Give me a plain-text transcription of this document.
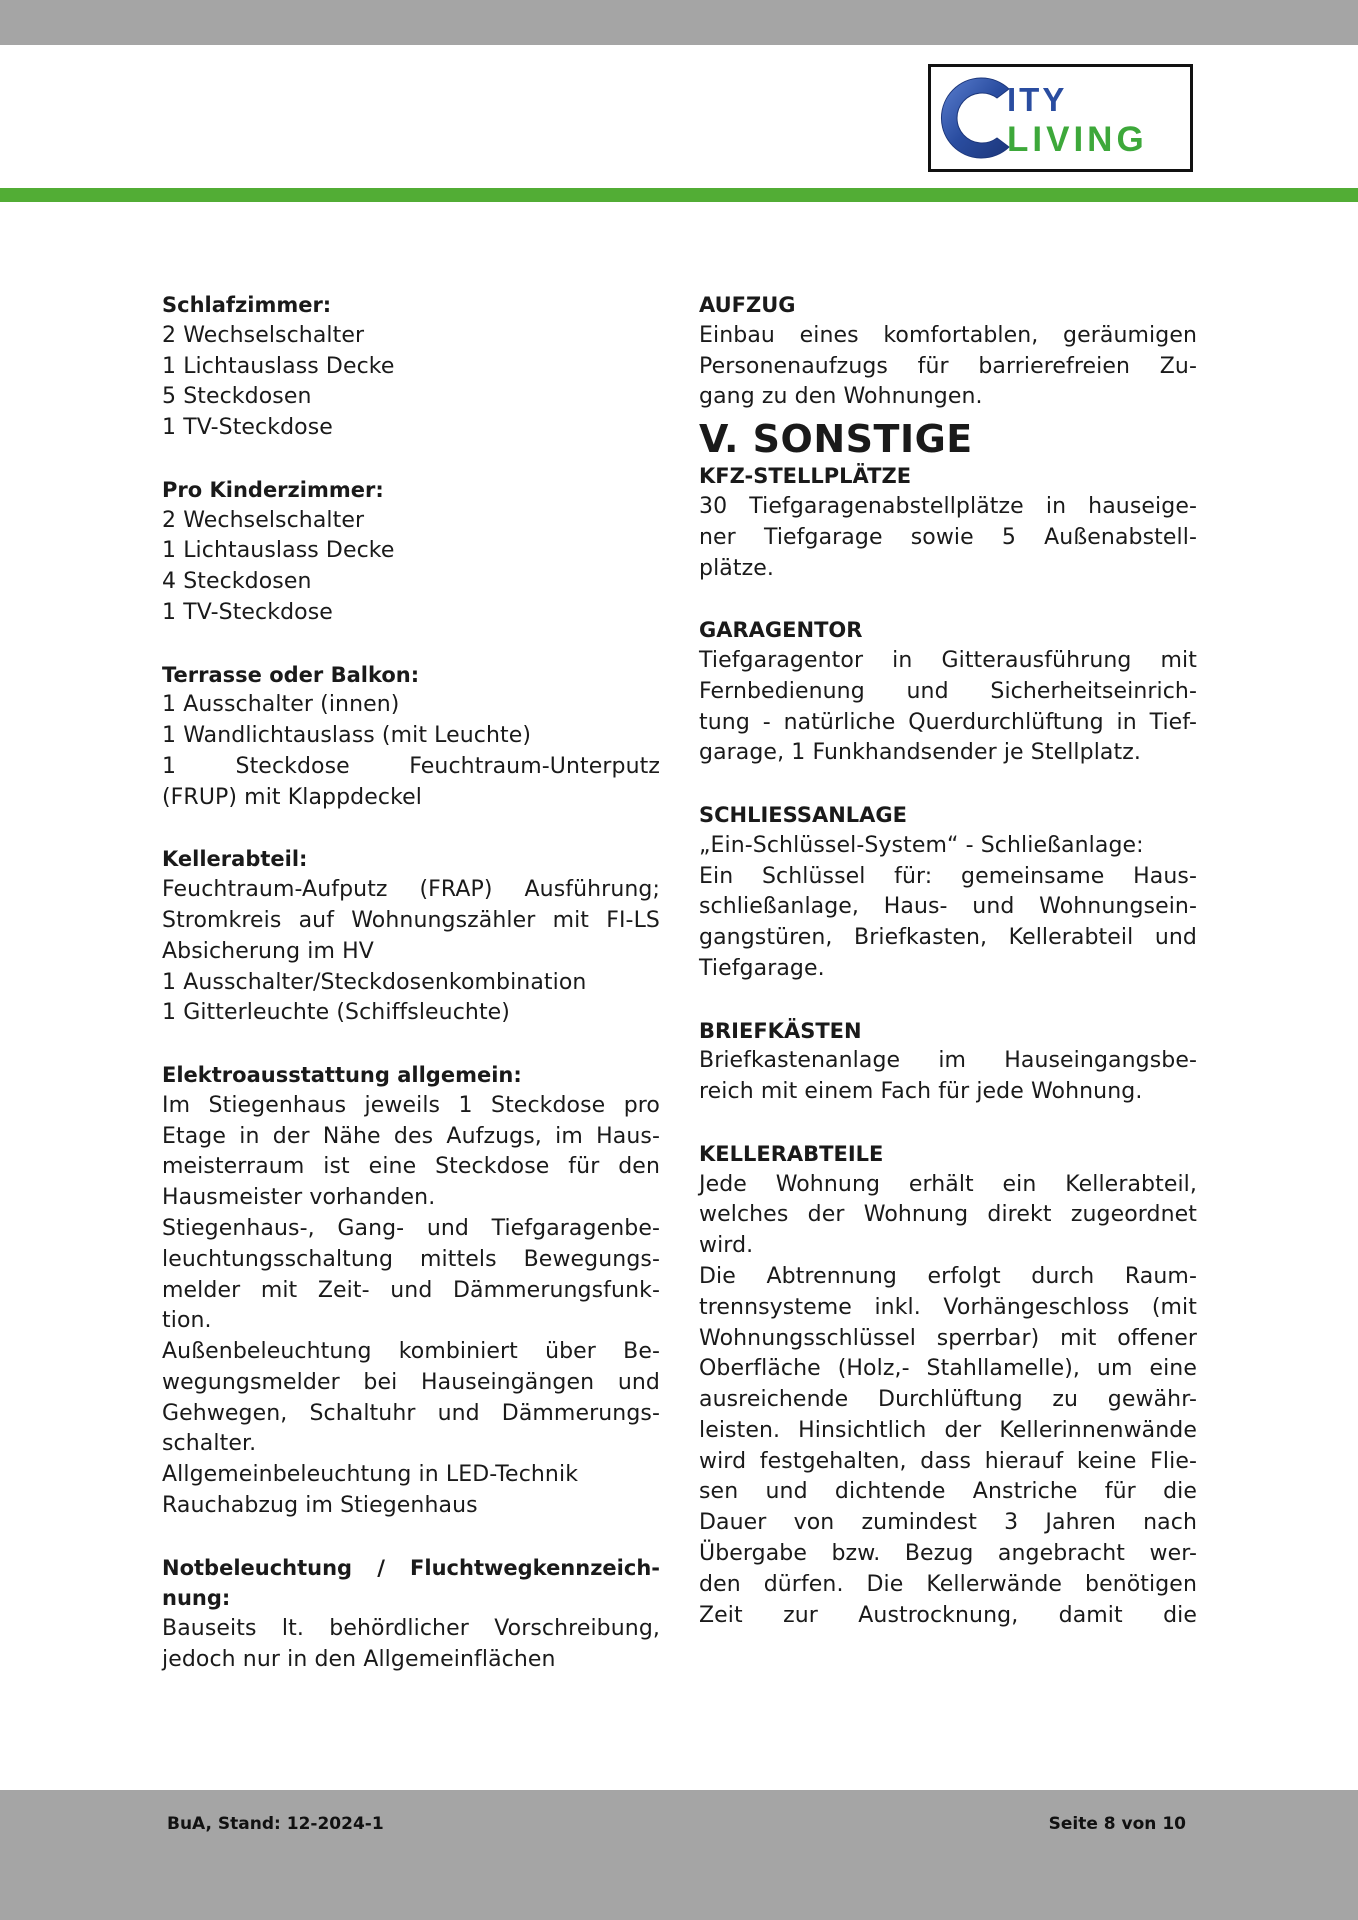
ITY
LIVING
Schlafzimmer:
2 Wechselschalter
1 Lichtauslass Decke
5 Steckdosen
1 TV-Steckdose
Pro Kinderzimmer:
2 Wechselschalter
1 Lichtauslass Decke
4 Steckdosen
1 TV-Steckdose
Terrasse oder Balkon:
1 Ausschalter (innen)
1 Wandlichtauslass (mit Leuchte)
1 Steckdose Feuchtraum-Unterputz
(FRUP) mit Klappdeckel
Kellerabteil:
Feuchtraum-Aufputz (FRAP) Ausführung;
Stromkreis auf Wohnungszähler mit FI-LS
Absicherung im HV
1 Ausschalter/Steckdosenkombination
1 Gitterleuchte (Schiffsleuchte)
Elektroausstattung allgemein:
Im Stiegenhaus jeweils 1 Steckdose pro
Etage in der Nähe des Aufzugs, im Haus-
meisterraum ist eine Steckdose für den
Hausmeister vorhanden.
Stiegenhaus-, Gang- und Tiefgaragenbe-
leuchtungsschaltung mittels Bewegungs-
melder mit Zeit- und Dämmerungsfunk-
tion.
Außenbeleuchtung kombiniert über Be-
wegungsmelder bei Hauseingängen und
Gehwegen, Schaltuhr und Dämmerungs-
schalter.
Allgemeinbeleuchtung in LED-Technik
Rauchabzug im Stiegenhaus
Notbeleuchtung / Fluchtwegkennzeich-
nung:
Bauseits lt. behördlicher Vorschreibung,
jedoch nur in den Allgemeinflächen
AUFZUG
Einbau eines komfortablen, geräumigen
Personenaufzugs für barrierefreien Zu-
gang zu den Wohnungen.
V. SONSTIGE
KFZ-STELLPLÄTZE
30 Tiefgaragenabstellplätze in hauseige-
ner Tiefgarage sowie 5 Außenabstell-
plätze.
GARAGENTOR
Tiefgaragentor in Gitterausführung mit
Fernbedienung und Sicherheitseinrich-
tung - natürliche Querdurchlüftung in Tief-
garage, 1 Funkhandsender je Stellplatz.
SCHLIESSANLAGE
„Ein-Schlüssel-System“ - Schließanlage:
Ein Schlüssel für: gemeinsame Haus-
schließanlage, Haus- und Wohnungsein-
gangstüren, Briefkasten, Kellerabteil und
Tiefgarage.
BRIEFKÄSTEN
Briefkastenanlage im Hauseingangsbe-
reich mit einem Fach für jede Wohnung.
KELLERABTEILE
Jede Wohnung erhält ein Kellerabteil,
welches der Wohnung direkt zugeordnet
wird.
Die Abtrennung erfolgt durch Raum-
trennsysteme inkl. Vorhängeschloss (mit
Wohnungsschlüssel sperrbar) mit offener
Oberfläche (Holz,- Stahllamelle), um eine
ausreichende Durchlüftung zu gewähr-
leisten. Hinsichtlich der Kellerinnenwände
wird festgehalten, dass hierauf keine Flie-
sen und dichtende Anstriche für die
Dauer von zumindest 3 Jahren nach
Übergabe bzw. Bezug angebracht wer-
den dürfen. Die Kellerwände benötigen
Zeit zur Austrocknung, damit die
BuA, Stand: 12-2024-1	Seite 8 von 10
